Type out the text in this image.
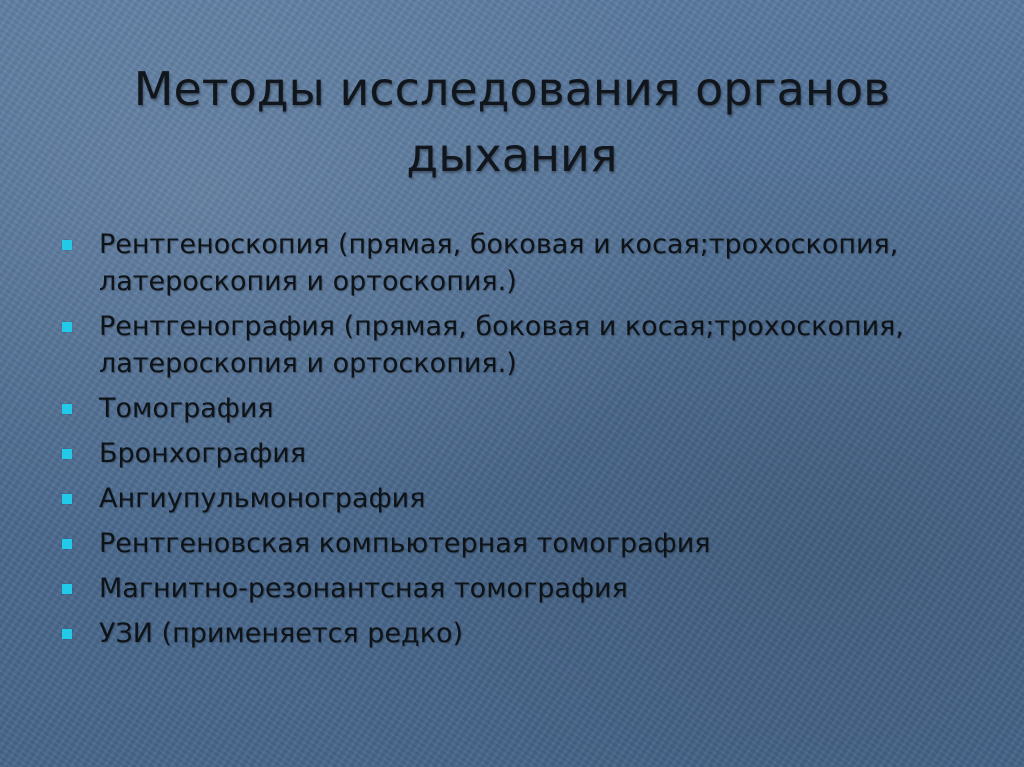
Методы исследования органов дыхания
Рентгеноскопия (прямая, боковая и косая;трохоскопия, латероскопия и ортоскопия.)
Рентгенография (прямая, боковая и косая;трохоскопия, латероскопия и ортоскопия.)
Томография
Бронхография
Ангиупульмонография
Рентгеновская компьютерная томография
Магнитно-резонантсная томография
УЗИ (применяется редко)
